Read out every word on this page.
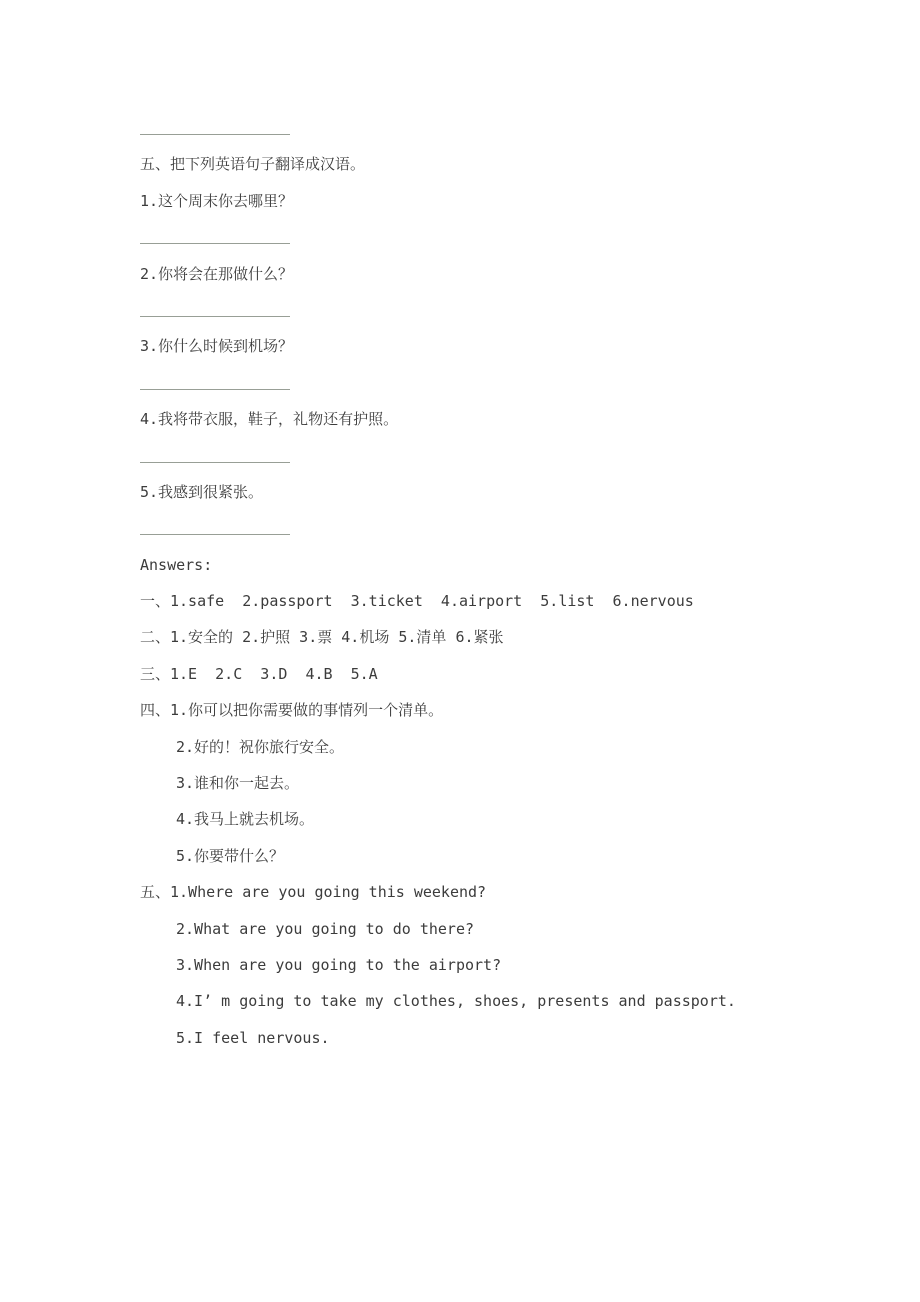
五、把下列英语句子翻译成汉语。
1.这个周末你去哪里？

2.你将会在那做什么？

3.你什么时候到机场？

4.我将带衣服，鞋子，礼物还有护照。

5.我感到很紧张。

Answers:
一、1.safe  2.passport  3.ticket  4.airport  5.list  6.nervous
二、1.安全的 2.护照 3.票 4.机场 5.清单 6.紧张
三、1.E  2.C  3.D  4.B  5.A
四、1.你可以把你需要做的事情列一个清单。
2.好的！祝你旅行安全。
3.谁和你一起去。
4.我马上就去机场。
5.你要带什么？
五、1.Where are you going this weekend?
2.What are you going to do there?
3.When are you going to the airport?
4.I’ m going to take my clothes, shoes, presents and passport.
5.I feel nervous.
